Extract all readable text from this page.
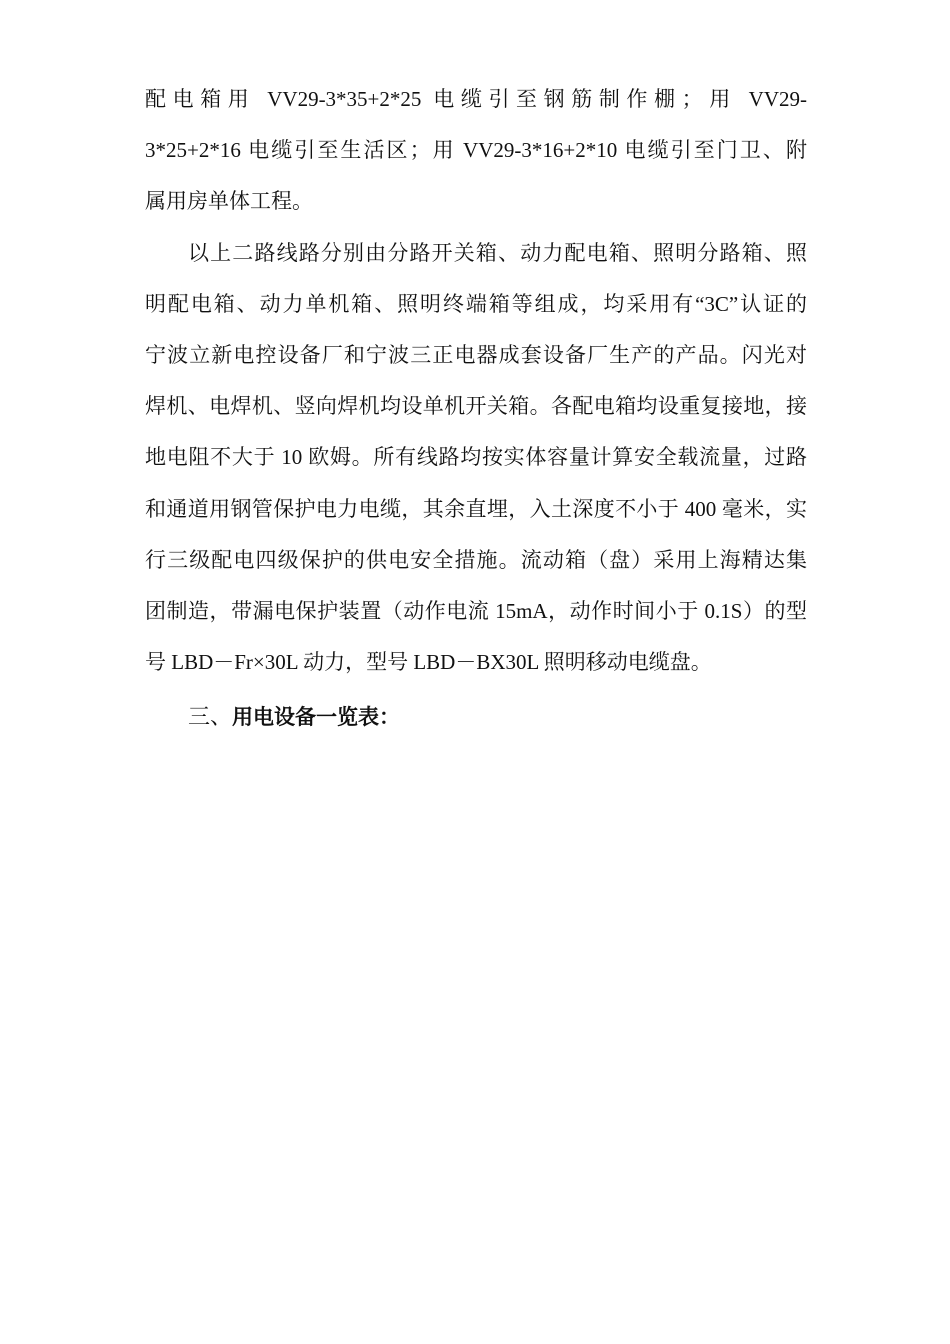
配电箱用 VV29-3*35+2*25 电缆引至钢筋制作棚；用 VV29-
3*25+2*16 电缆引至生活区；用 VV29-3*16+2*10 电缆引至门卫、附
属用房单体工程。
以上二路线路分别由分路开关箱、动力配电箱、照明分路箱、照
明配电箱、动力单机箱、照明终端箱等组成，均采用有“3C”认证的
宁波立新电控设备厂和宁波三正电器成套设备厂生产的产品。闪光对
焊机、电焊机、竖向焊机均设单机开关箱。各配电箱均设重复接地，接
地电阻不大于 10 欧姆。所有线路均按实体容量计算安全载流量，过路
和通道用钢管保护电力电缆，其余直埋，入土深度不小于 400 毫米，实
行三级配电四级保护的供电安全措施。流动箱（盘）采用上海精达集
团制造，带漏电保护装置（动作电流 15mA，动作时间小于 0.1S）的型
号 LBD－Fr×30L 动力，型号 LBD－BX30L 照明移动电缆盘。
三、用电设备一览表：
